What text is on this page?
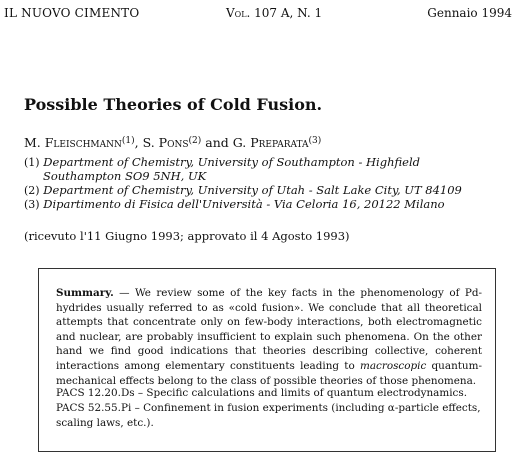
IL NUOVO CIMENTO	Vol. 107 A, N. 1	Gennaio 1994
Possible Theories of Cold Fusion.
M. Fleischmann$^{(1)}$, S. Pons$^{(2)}$ and G. Preparata$^{(3)}$
(1) Department of Chemistry, University of Southampton - Highfield
Southampton SO9 5NH, UK
(2) Department of Chemistry, University of Utah - Salt Lake City, UT 84109
(3) Dipartimento di Fisica dell'Università - Via Celoria 16, 20122 Milano
(ricevuto l'11 Giugno 1993; approvato il 4 Agosto 1993)

Summary. — We review some of the key facts in the phenomenology of Pd-hydrides usually referred to as «cold fusion». We conclude that all theoretical attempts that concentrate only on few-body interactions, both electromagnetic and nuclear, are probably insufficient to explain such phenomena. On the other hand we find good indications that theories describing collective, coherent interactions among elementary constituents leading to macroscopic quantum-mechanical effects belong to the class of possible theories of those phenomena.

PACS 12.20.Ds – Specific calculations and limits of quantum electrodynamics.
PACS 52.55.Pi – Confinement in fusion experiments (including α-particle effects,
scaling laws, etc.).
